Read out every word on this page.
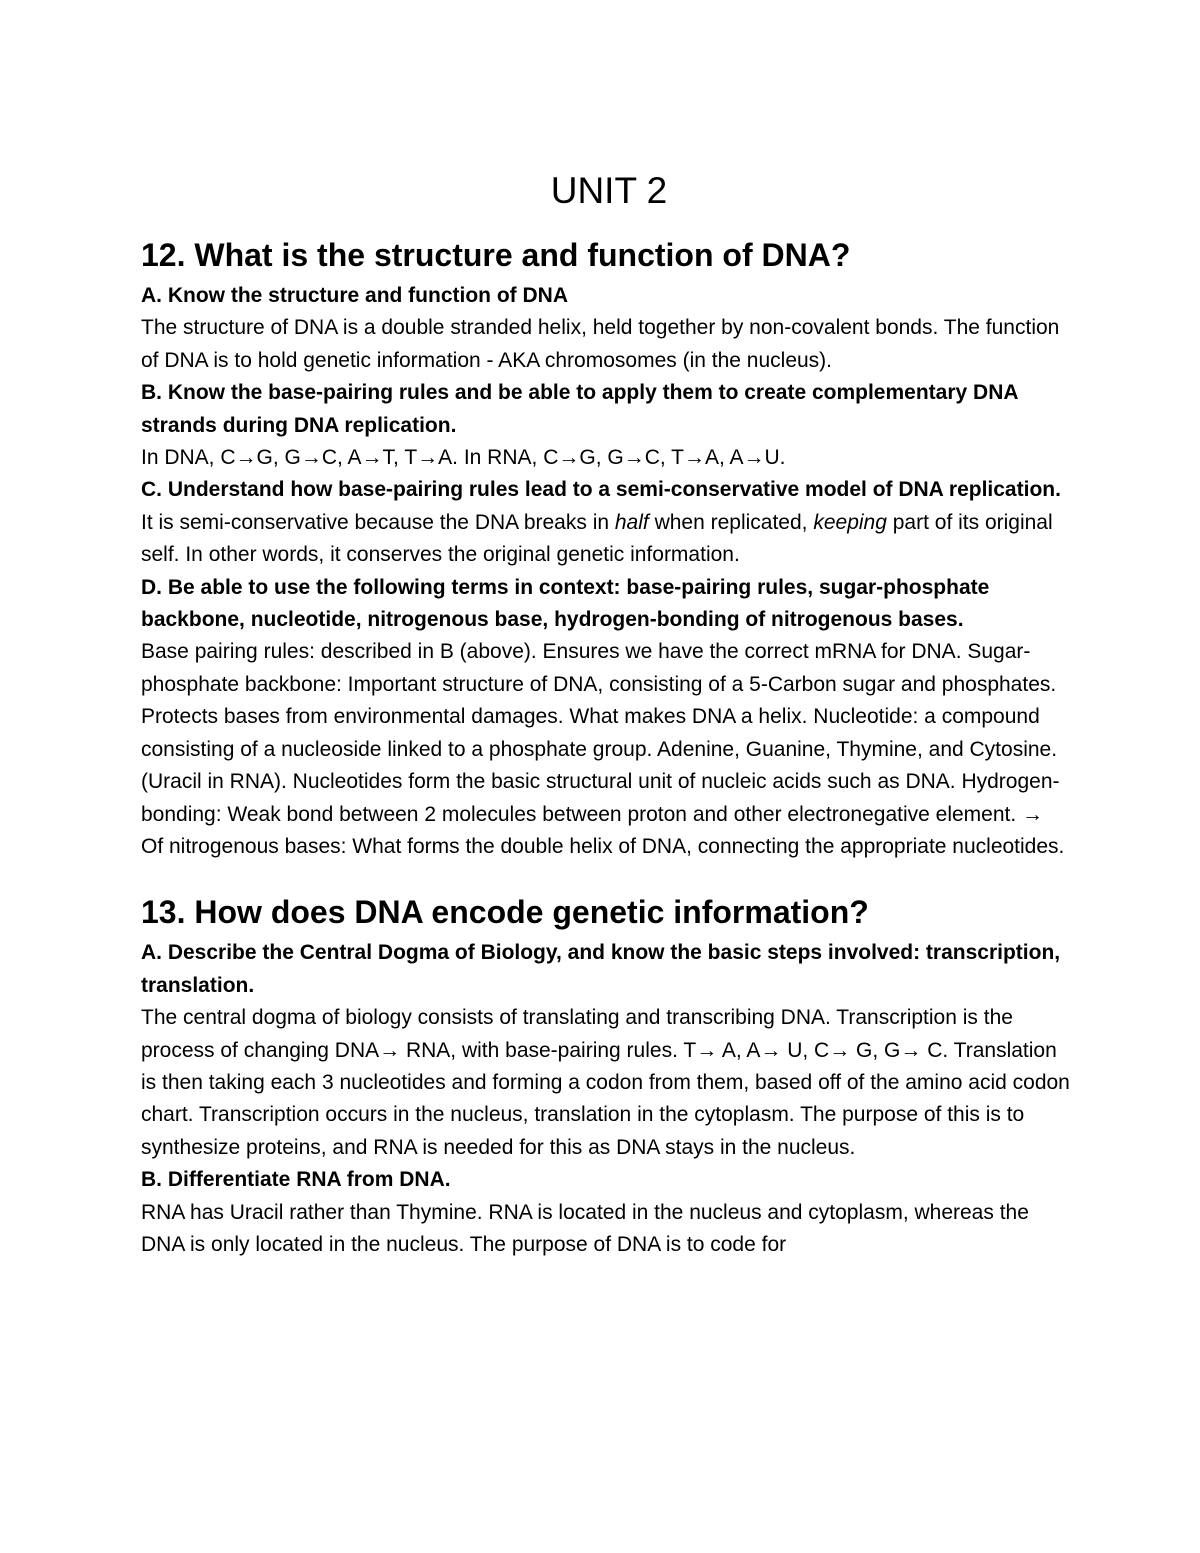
UNIT 2
12. What is the structure and function of DNA?

A. Know the structure and function of DNA

The structure of DNA is a double stranded helix, held together by non-covalent bonds. The function of DNA is to hold genetic information - AKA chromosomes (in the nucleus).

B. Know the base-pairing rules and be able to apply them to create complementary DNA strands during DNA replication.

In DNA, C→G, G→C, A→T, T→A. In RNA, C→G, G→C, T→A, A→U.

C. Understand how base-pairing rules lead to a semi-conservative model of DNA replication.

It is semi-conservative because the DNA breaks in half when replicated, keeping part of its original self. In other words, it conserves the original genetic information.

D. Be able to use the following terms in context: base-pairing rules, sugar-phosphate backbone, nucleotide, nitrogenous base, hydrogen-bonding of nitrogenous bases.

Base pairing rules: described in B (above). Ensures we have the correct mRNA for DNA. Sugar-phosphate backbone: Important structure of DNA, consisting of a 5-Carbon sugar and phosphates. Protects bases from environmental damages. What makes DNA a helix. Nucleotide: a compound consisting of a nucleoside linked to a phosphate group. Adenine, Guanine, Thymine, and Cytosine. (Uracil in RNA). Nucleotides form the basic structural unit of nucleic acids such as DNA. Hydrogen-bonding: Weak bond between 2 molecules between proton and other electronegative element. → Of nitrogenous bases: What forms the double helix of DNA, connecting the appropriate nucleotides.

13. How does DNA encode genetic information?

A. Describe the Central Dogma of Biology, and know the basic steps involved: transcription, translation.

The central dogma of biology consists of translating and transcribing DNA. Transcription is the process of changing DNA→ RNA, with base-pairing rules. T→ A, A→ U, C→ G, G→ C. Translation is then taking each 3 nucleotides and forming a codon from them, based off of the amino acid codon chart. Transcription occurs in the nucleus, translation in the cytoplasm. The purpose of this is to synthesize proteins, and RNA is needed for this as DNA stays in the nucleus.

B. Differentiate RNA from DNA.

RNA has Uracil rather than Thymine. RNA is located in the nucleus and cytoplasm, whereas the DNA is only located in the nucleus. The purpose of DNA is to code for
